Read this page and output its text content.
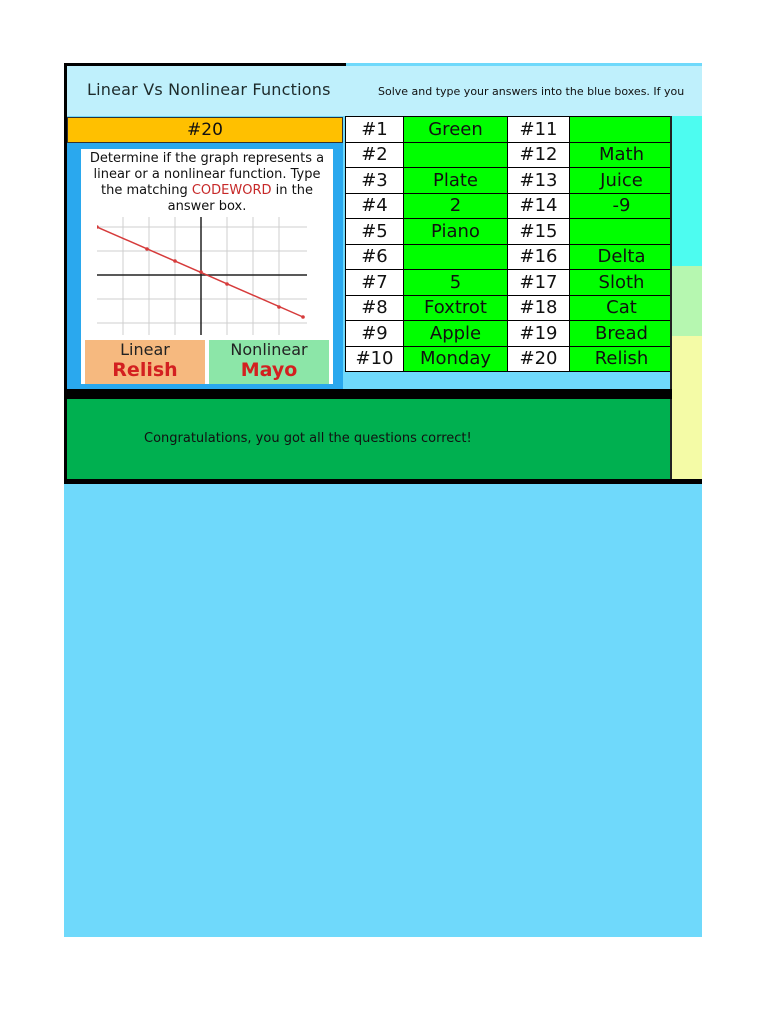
Linear Vs Nonlinear Functions	Solve and type your answers into the blue boxes. If you
#20
Determine if the graph represents a linear or a nonlinear function. Type the matching CODEWORD in the answer box.
Linear
Relish
Nonlinear
Mayo
#1	Green	#11	
#2		#12	Math
#3	Plate	#13	Juice
#4	2	#14	-9
#5	Piano	#15	
#6		#16	Delta
#7	5	#17	Sloth
#8	Foxtrot	#18	Cat
#9	Apple	#19	Bread
#10	Monday	#20	Relish
Congratulations, you got all the questions correct!
